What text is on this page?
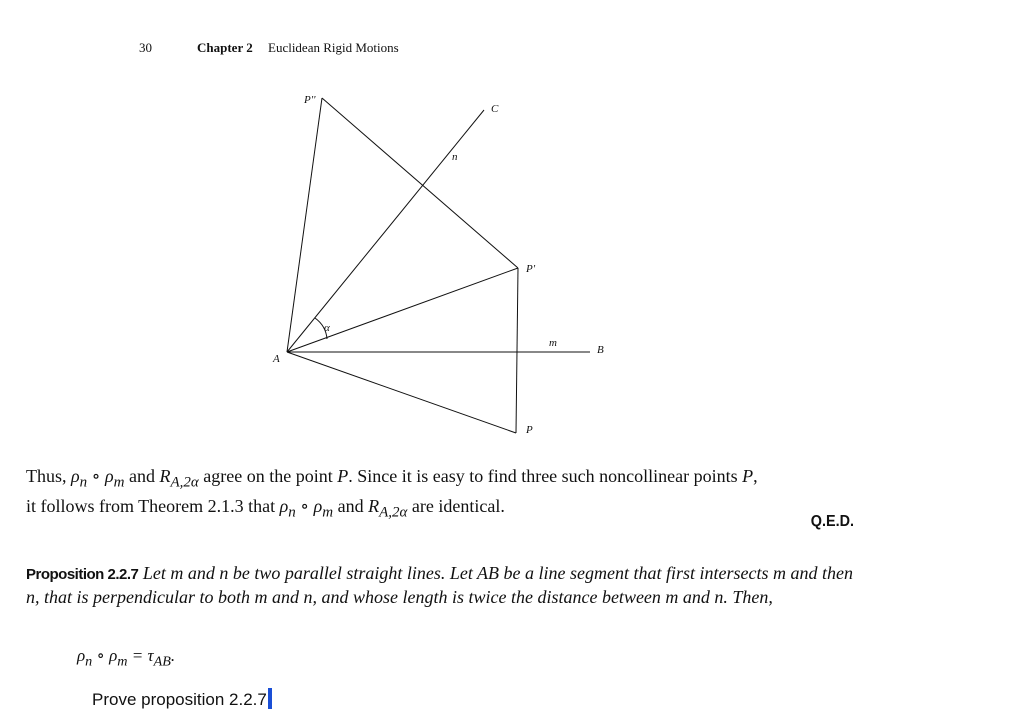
30	Chapter 2 Euclidean Rigid Motions
P''
C
n
P'
α
m
B
A
P
Thus, $\rho_n$ ∘ $\rho_m$ and $R_{A,2\alpha}$ agree on the point P. Since it is easy to find three such noncollinear points P,
it follows from Theorem 2.1.3 that $\rho_n$ ∘ $\rho_m$ and $R_{A,2\alpha}$ are identical.
Q.E.D.
Proposition 2.2.7 Let m and n be two parallel straight lines. Let AB be a line segment that first intersects m and then n, that is perpendicular to both m and n, and whose length is twice the distance between m and n. Then,
$\rho_n$ ∘ $\rho_m = \tau_{AB}$.
Prove proposition 2.2.7
